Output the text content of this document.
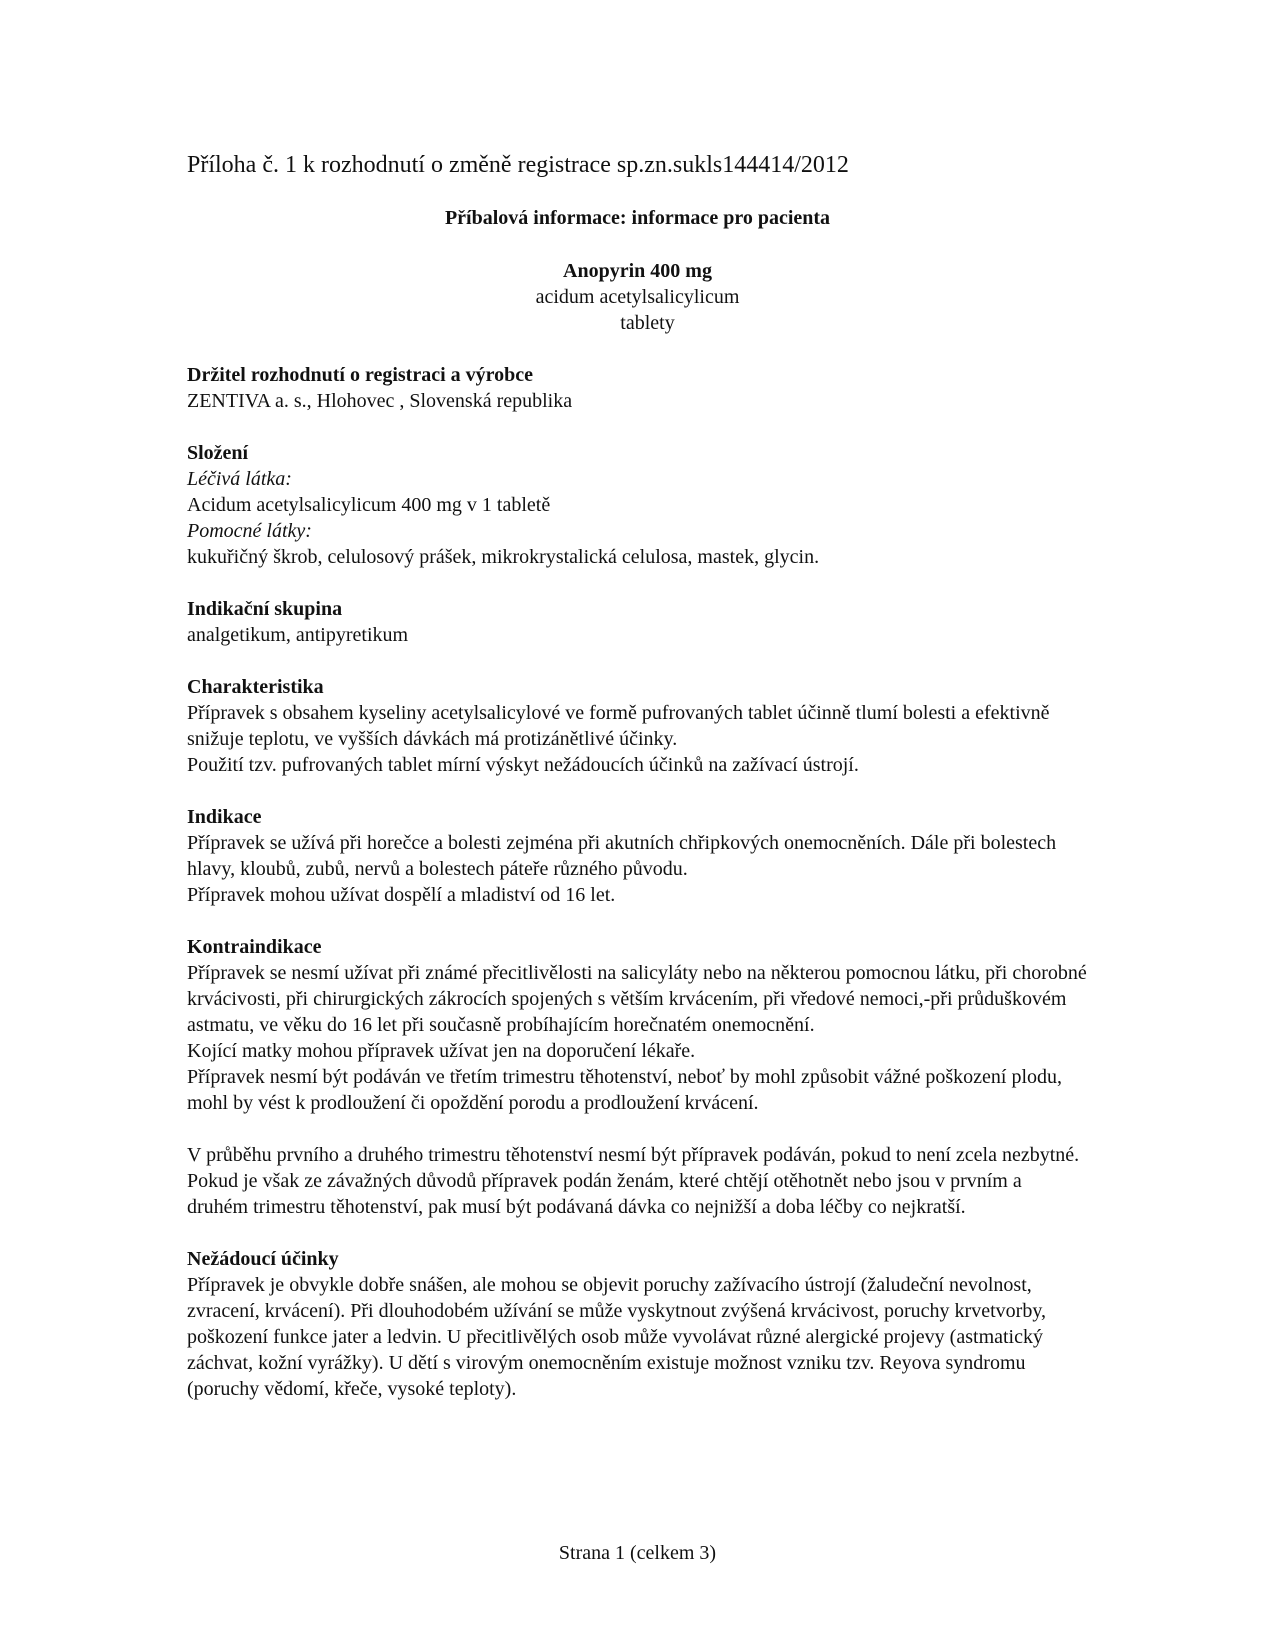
Příloha č. 1 k rozhodnutí o změně registrace sp.zn.sukls144414/2012
Příbalová informace: informace pro pacienta
Anopyrin 400 mg
acidum acetylsalicylicum
tablety
Držitel rozhodnutí o registraci a výrobce
ZENTIVA a. s., Hlohovec , Slovenská republika
Složení
Léčivá látka:
Acidum acetylsalicylicum 400 mg v 1 tabletě
Pomocné látky:
kukuřičný škrob, celulosový prášek, mikrokrystalická celulosa, mastek, glycin.
Indikační skupina
analgetikum, antipyretikum
Charakteristika
Přípravek s obsahem kyseliny acetylsalicylové ve formě pufrovaných tablet účinně tlumí bolesti a efektivně snižuje teplotu, ve vyšších dávkách má protizánětlivé účinky.
Použití tzv. pufrovaných tablet mírní výskyt nežádoucích účinků na zažívací ústrojí.
Indikace
Přípravek se užívá při horečce a bolesti zejména při akutních chřipkových onemocněních. Dále při bolestech hlavy, kloubů, zubů, nervů a bolestech páteře různého původu.
Přípravek mohou užívat dospělí a mladiství od 16 let.
Kontraindikace
Přípravek se nesmí užívat při známé přecitlivělosti na salicyláty nebo na některou pomocnou látku, při chorobné krvácivosti, při chirurgických zákrocích spojených s větším krvácením, při vředové nemoci,-při průduškovém astmatu, ve věku do 16 let při současně probíhajícím horečnatém onemocnění.
Kojící matky mohou přípravek užívat jen na doporučení lékaře.
Přípravek nesmí být podáván ve třetím trimestru těhotenství, neboť by mohl způsobit vážné poškození plodu, mohl by vést k prodloužení či opoždění porodu a prodloužení krvácení.
V průběhu prvního a druhého trimestru těhotenství nesmí být přípravek podáván, pokud to není zcela nezbytné. Pokud je však ze závažných důvodů přípravek podán ženám, které chtějí otěhotnět nebo jsou v prvním a druhém trimestru těhotenství, pak musí být podávaná dávka co nejnižší a doba léčby co nejkratší.
Nežádoucí účinky
Přípravek je obvykle dobře snášen, ale mohou se objevit poruchy zažívacího ústrojí (žaludeční nevolnost, zvracení, krvácení). Při dlouhodobém užívání se může vyskytnout zvýšená krvácivost, poruchy krvetvorby, poškození funkce jater a ledvin. U přecitlivělých osob může vyvolávat různé alergické projevy (astmatický záchvat, kožní vyrážky). U dětí s virovým onemocněním existuje možnost vzniku tzv. Reyova syndromu (poruchy vědomí, křeče, vysoké teploty).
Strana 1 (celkem 3)
